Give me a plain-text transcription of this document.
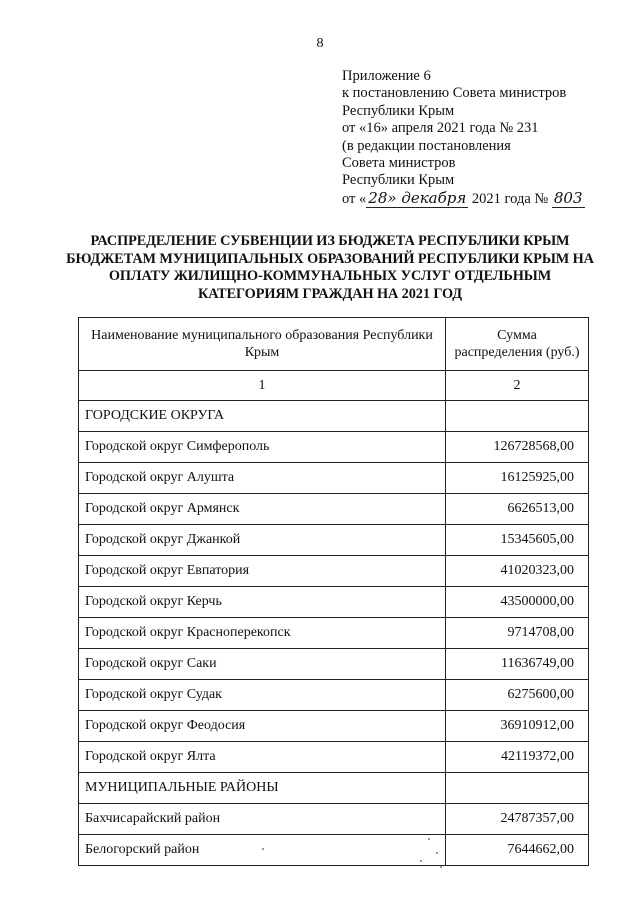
8
Приложение 6
к постановлению Совета министров
Республики Крым
от «16» апреля 2021 года № 231
(в редакции постановления
Совета министров
Республики Крым
от « 28» декабря 2021 года № 803
РАСПРЕДЕЛЕНИЕ СУБВЕНЦИИ ИЗ БЮДЖЕТА РЕСПУБЛИКИ КРЫМ БЮДЖЕТАМ МУНИЦИПАЛЬНЫХ ОБРАЗОВАНИЙ РЕСПУБЛИКИ КРЫМ НА ОПЛАТУ ЖИЛИЩНО-КОММУНАЛЬНЫХ УСЛУГ ОТДЕЛЬНЫМ КАТЕГОРИЯМ ГРАЖДАН НА 2021 ГОД
Наименование муниципального образования Республики Крым	Сумма распределения (руб.)
1	2
ГОРОДСКИЕ ОКРУГА	
Городской округ Симферополь	126728568,00
Городской округ Алушта	16125925,00
Городской округ Армянск	6626513,00
Городской округ Джанкой	15345605,00
Городской округ Евпатория	41020323,00
Городской округ Керчь	43500000,00
Городской округ Красноперекопск	9714708,00
Городской округ Саки	11636749,00
Городской округ Судак	6275600,00
Городской округ Феодосия	36910912,00
Городской округ Ялта	42119372,00
МУНИЦИПАЛЬНЫЕ РАЙОНЫ	
Бахчисарайский район	24787357,00
Белогорский район	7644662,00
